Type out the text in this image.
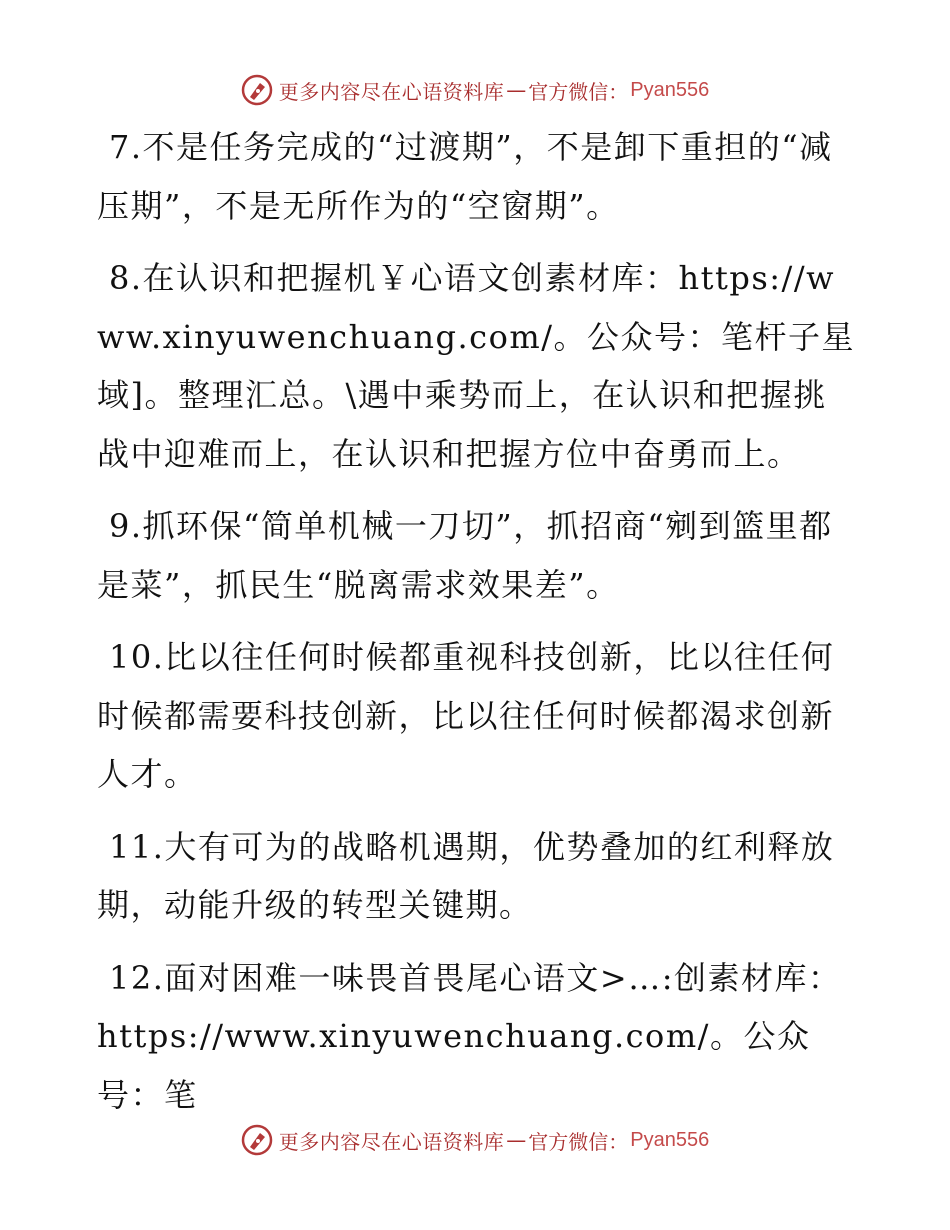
更多内容尽在心语资料库 — 官方微信： Pyan556

7.不是任务完成的“过渡期”，不是卸下重担的“减压期”，不是无所作为的“空窗期”。

8.在认识和把握机￥心语文创素材库：https://www.xinyuwenchuang.com/。公众号：笔杆子星域]。整理汇总。\遇中乘势而上，在认识和把握挑战中迎难而上，在认识和把握方位中奋勇而上。

9.抓环保“简单机械一刀切”，抓招商“剜到篮里都是菜”，抓民生“脱离需求效果差”。

10.比以往任何时候都重视科技创新，比以往任何时候都需要科技创新，比以往任何时候都渴求创新人才。

11.大有可为的战略机遇期，优势叠加的红利释放期，动能升级的转型关键期。

12.面对困难一味畏首畏尾心语文>…:创素材库：https://www.xinyuwenchuang.com/。公众号：笔

更多内容尽在心语资料库 — 官方微信： Pyan556
